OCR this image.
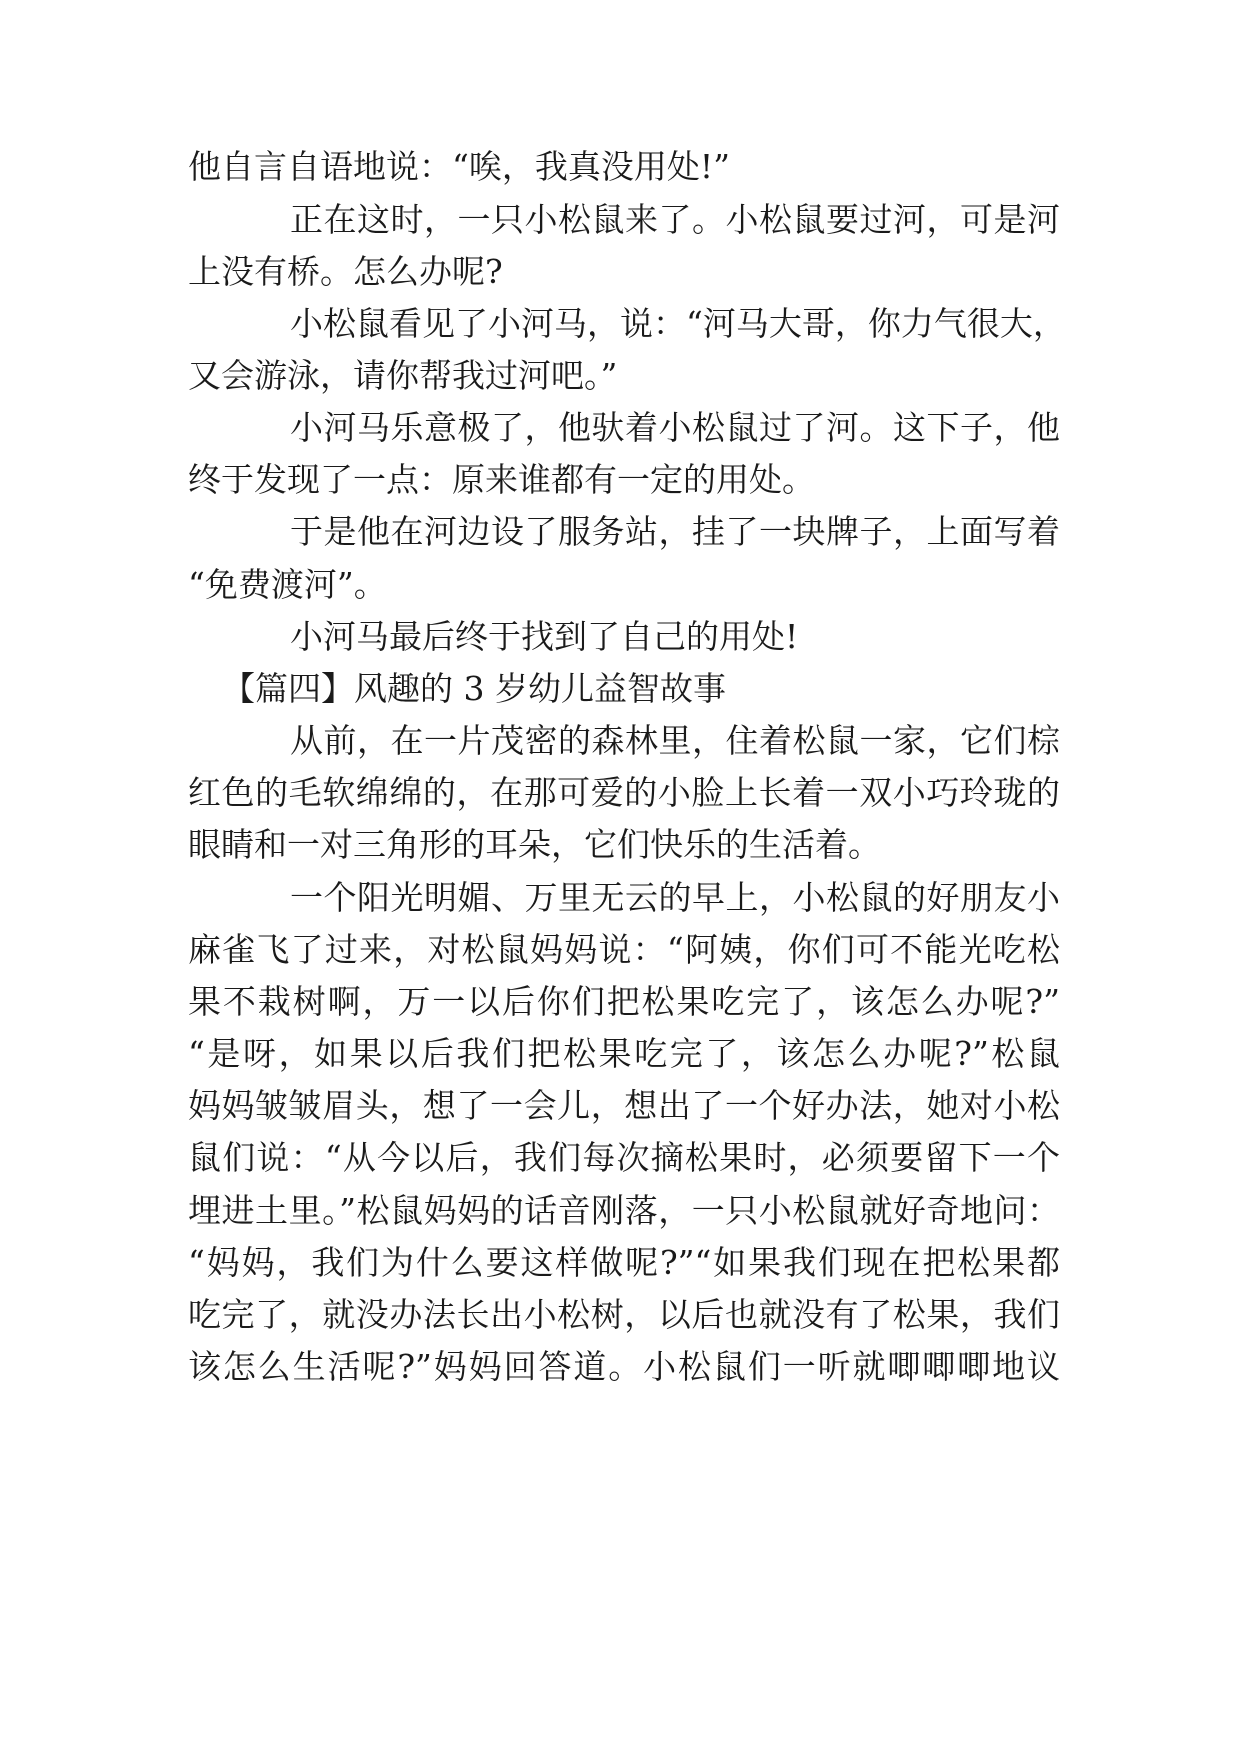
他自言自语地说：“唉，我真没用处!”
正在这时，一只小松鼠来了。小松鼠要过河，可是河
上没有桥。怎么办呢?
小松鼠看见了小河马，说：“河马大哥，你力气很大，
又会游泳，请你帮我过河吧。”
小河马乐意极了，他驮着小松鼠过了河。这下子，他
终于发现了一点：原来谁都有一定的用处。
于是他在河边设了服务站，挂了一块牌子，上面写着
“免费渡河”。
小河马最后终于找到了自己的用处!
【篇四】风趣的 3 岁幼儿益智故事
从前，在一片茂密的森林里，住着松鼠一家，它们棕
红色的毛软绵绵的，在那可爱的小脸上长着一双小巧玲珑的
眼睛和一对三角形的耳朵，它们快乐的生活着。
一个阳光明媚、万里无云的早上，小松鼠的好朋友小
麻雀飞了过来，对松鼠妈妈说：“阿姨，你们可不能光吃松
果不栽树啊，万一以后你们把松果吃完了，该怎么办呢?”
“是呀，如果以后我们把松果吃完了，该怎么办呢?”松鼠
妈妈皱皱眉头，想了一会儿，想出了一个好办法，她对小松
鼠们说：“从今以后，我们每次摘松果时，必须要留下一个
埋进土里。”松鼠妈妈的话音刚落，一只小松鼠就好奇地问：
“妈妈，我们为什么要这样做呢?”“如果我们现在把松果都
吃完了，就没办法长出小松树，以后也就没有了松果，我们
该怎么生活呢?”妈妈回答道。小松鼠们一听就唧唧唧地议
